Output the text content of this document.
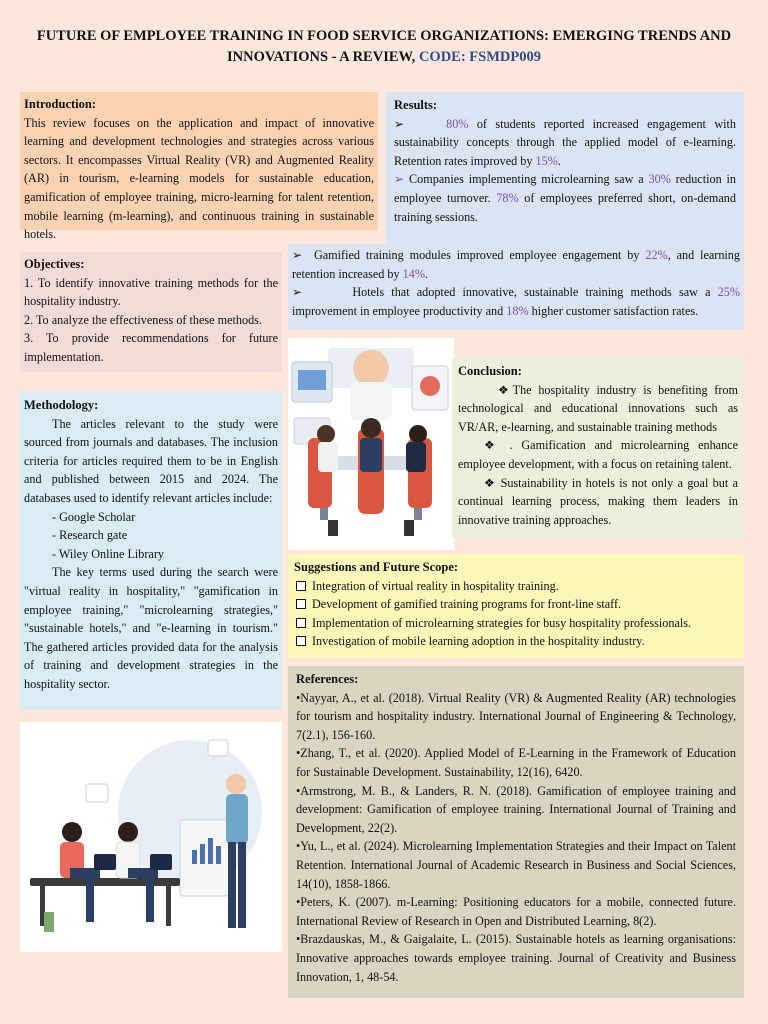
FUTURE OF EMPLOYEE TRAINING IN FOOD SERVICE ORGANIZATIONS: EMERGING TRENDS AND INNOVATIONS - A REVIEW, CODE: FSMDP009
Introduction:
This review focuses on the application and impact of innovative learning and development technologies and strategies across various sectors. It encompasses Virtual Reality (VR) and Augmented Reality (AR) in tourism, e-learning models for sustainable education, gamification of employee training, micro-learning for talent retention, mobile learning (m-learning), and continuous training in sustainable hotels.
Objectives:
1. To identify innovative training methods for the hospitality industry.
2. To analyze the effectiveness of these methods.
3. To provide recommendations for future implementation.
Methodology:
The articles relevant to the study were sourced from journals and databases. The inclusion criteria for articles required them to be in English and published between 2015 and 2024. The databases used to identify relevant articles include:
- Google Scholar
- Research gate
- Wiley Online Library
The key terms used during the search were "virtual reality in hospitality," "gamification in employee training," "microlearning strategies," "sustainable hotels," and "e-learning in tourism." The gathered articles provided data for the analysis of training and development strategies in the hospitality sector.
Results:
➢     80% of students reported increased engagement with sustainability concepts through the applied model of e-learning. Retention rates improved by 15%.
➢ Companies implementing microlearning saw a 30% reduction in employee turnover. 78% of employees preferred short, on-demand training sessions.
➢  Gamified training modules improved employee engagement by 22%, and learning retention increased by 14%.
➢       Hotels that adopted innovative, sustainable training methods saw a 25% improvement in employee productivity and 18% higher customer satisfaction rates.
Conclusion:
❖The hospitality industry is benefiting from technological and educational innovations such as VR/AR, e-learning, and sustainable training methods
❖ . Gamification and microlearning enhance employee development, with a focus on retaining talent.
❖ Sustainability in hotels is not only a goal but a continual learning process, making them leaders in innovative training approaches.
Suggestions and Future Scope:
Integration of virtual reality in hospitality training.
Development of gamified training programs for front-line staff.
Implementation of microlearning strategies for busy hospitality professionals.
Investigation of mobile learning adoption in the hospitality industry.
References:

•Nayyar, A., et al. (2018). Virtual Reality (VR) & Augmented Reality (AR) technologies for tourism and hospitality industry. International Journal of Engineering & Technology, 7(2.1), 156-160.

•Zhang, T., et al. (2020). Applied Model of E-Learning in the Framework of Education for Sustainable Development. Sustainability, 12(16), 6420.

•Armstrong, M. B., & Landers, R. N. (2018). Gamification of employee training and development: Gamification of employee training. International Journal of Training and Development, 22(2).

•Yu, L., et al. (2024). Microlearning Implementation Strategies and their Impact on Talent Retention. International Journal of Academic Research in Business and Social Sciences, 14(10), 1858-1866.

•Peters, K. (2007). m-Learning: Positioning educators for a mobile, connected future. International Review of Research in Open and Distributed Learning, 8(2).

•Brazdauskas, M., & Gaigalaite, L. (2015). Sustainable hotels as learning organisations: Innovative approaches towards employee training. Journal of Creativity and Business Innovation, 1, 48-54.
